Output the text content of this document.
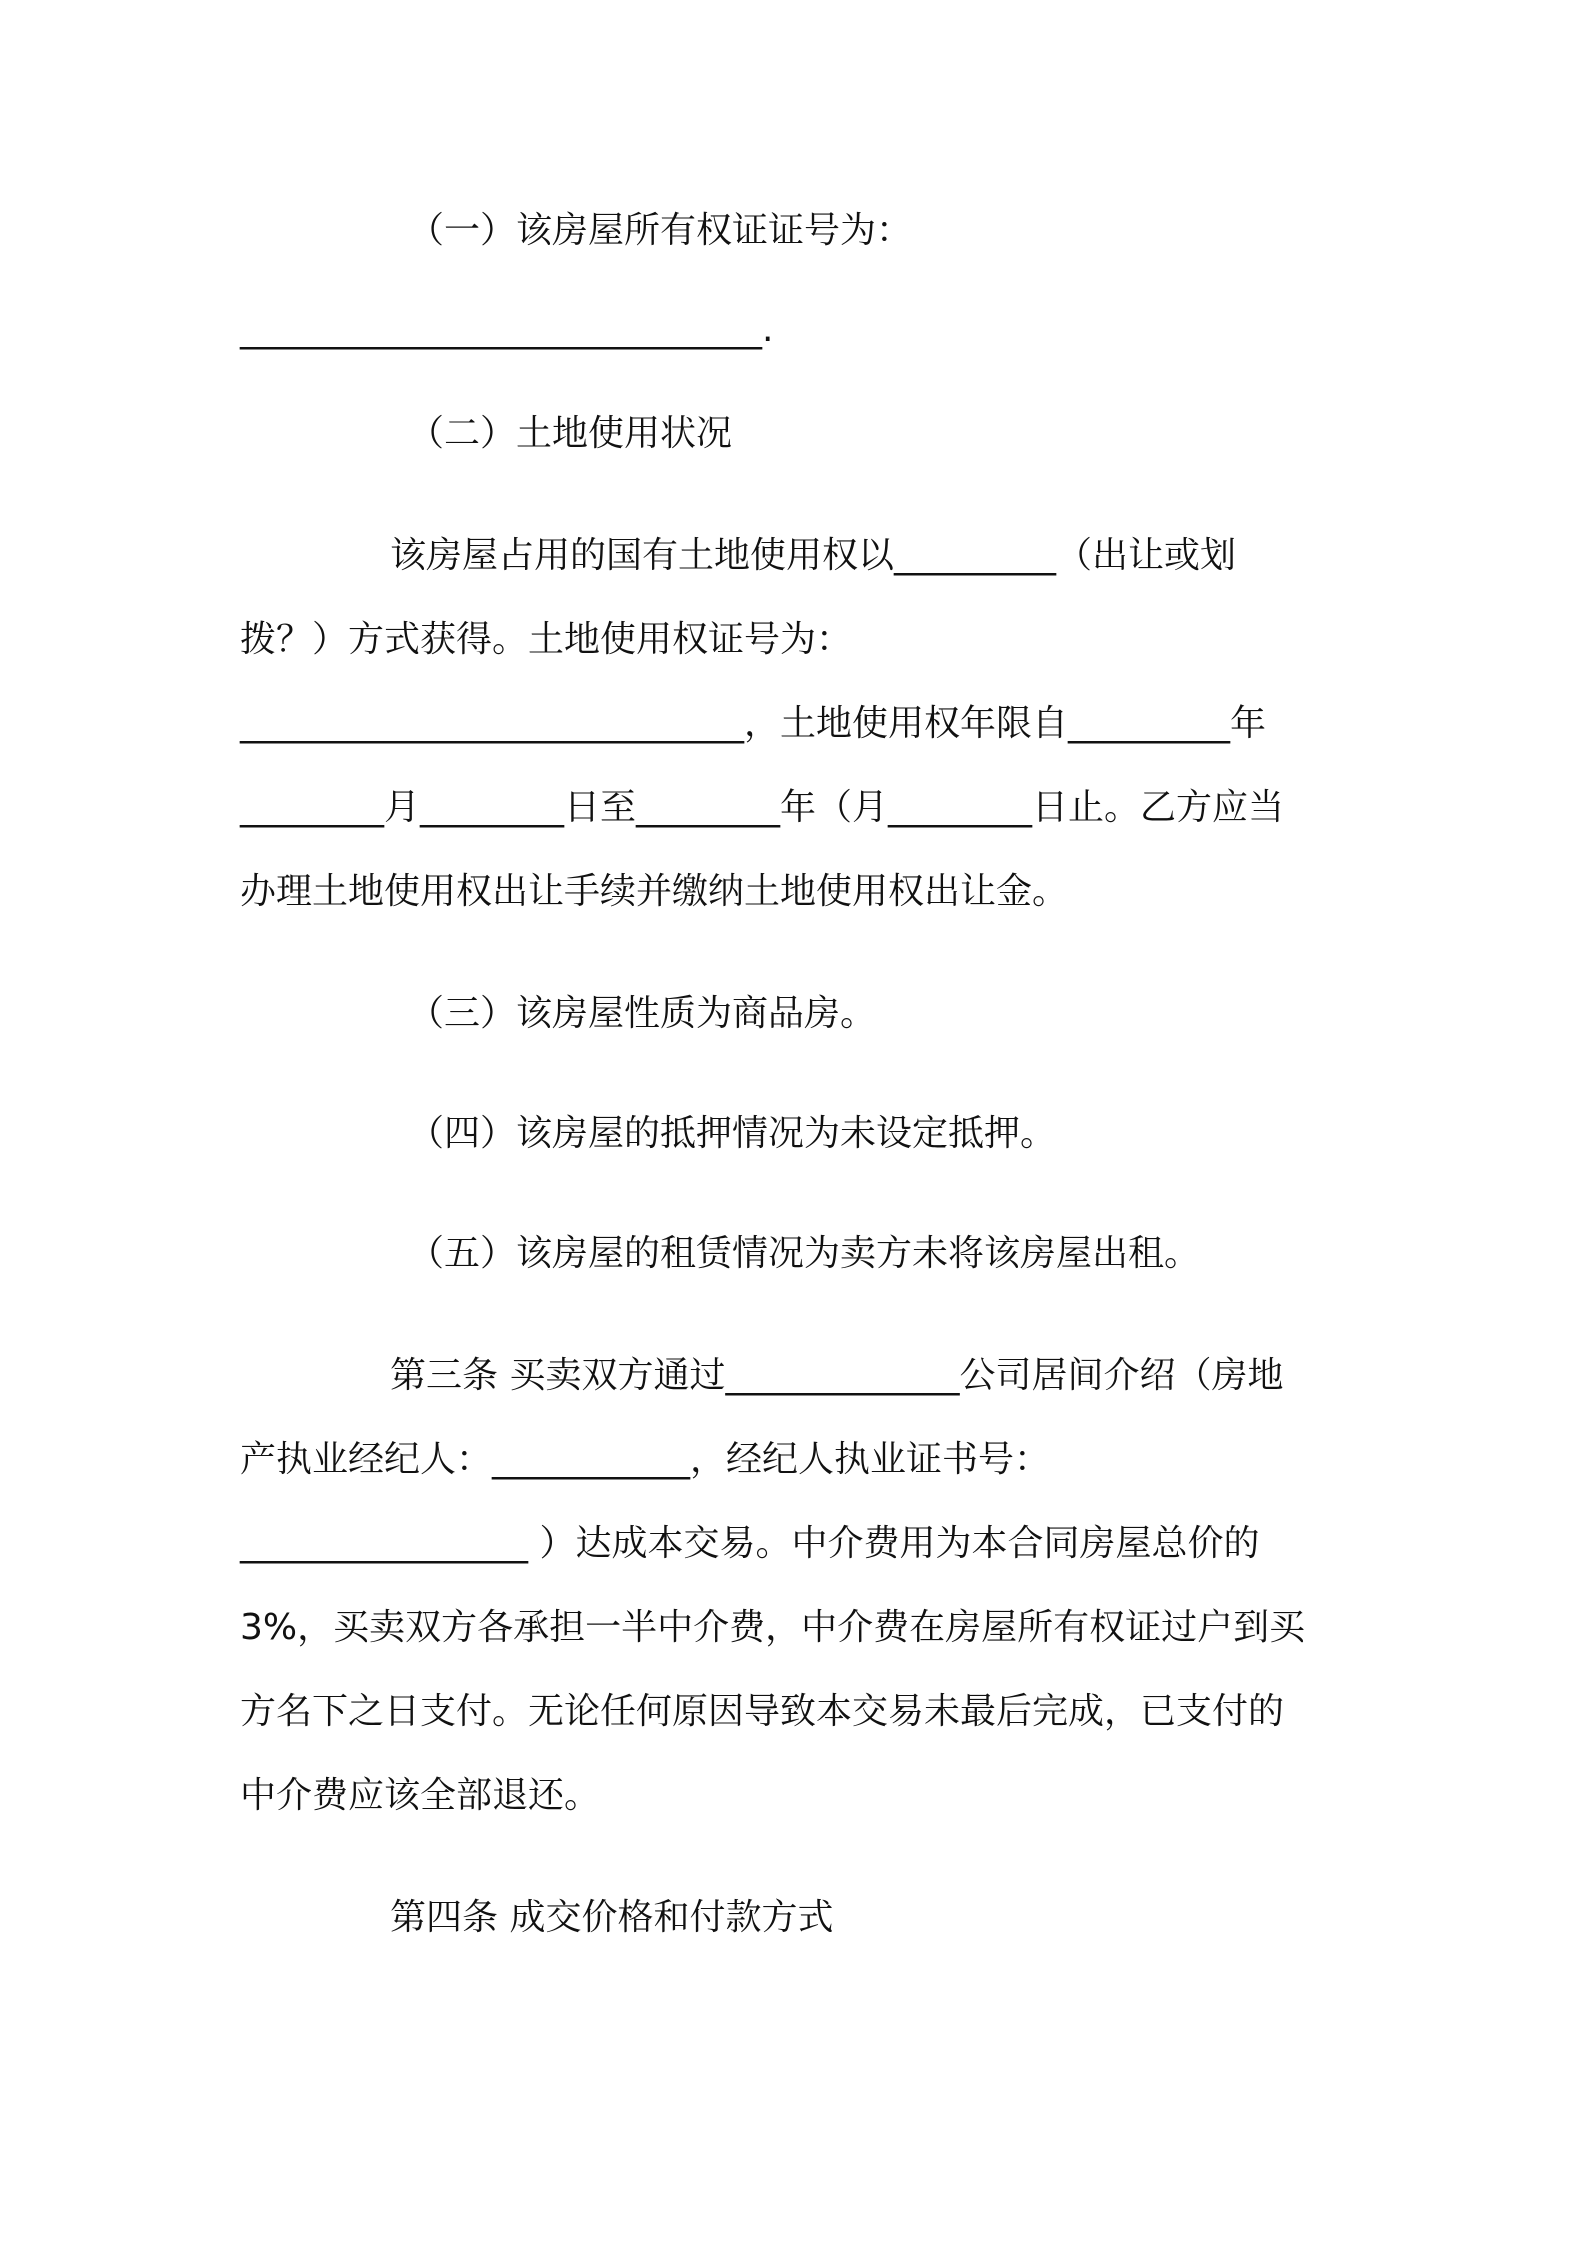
（一）该房屋所有权证证号为：
_____________________________.
（二）土地使用状况
该房屋占用的国有土地使用权以_________（出让或划
拨？）方式获得。土地使用权证号为：
____________________________，土地使用权年限自_________年
________月________日至________年（月________日止。乙方应当
办理土地使用权出让手续并缴纳土地使用权出让金。
（三）该房屋性质为商品房。
（四）该房屋的抵押情况为未设定抵押。
（五）该房屋的租赁情况为卖方未将该房屋出租。
第三条 买卖双方通过_____________公司居间介绍（房地
产执业经纪人：___________，经纪人执业证书号：
________________ ）达成本交易。中介费用为本合同房屋总价的
3%，买卖双方各承担一半中介费，中介费在房屋所有权证过户到买
方名下之日支付。无论任何原因导致本交易未最后完成，已支付的
中介费应该全部退还。
第四条 成交价格和付款方式
